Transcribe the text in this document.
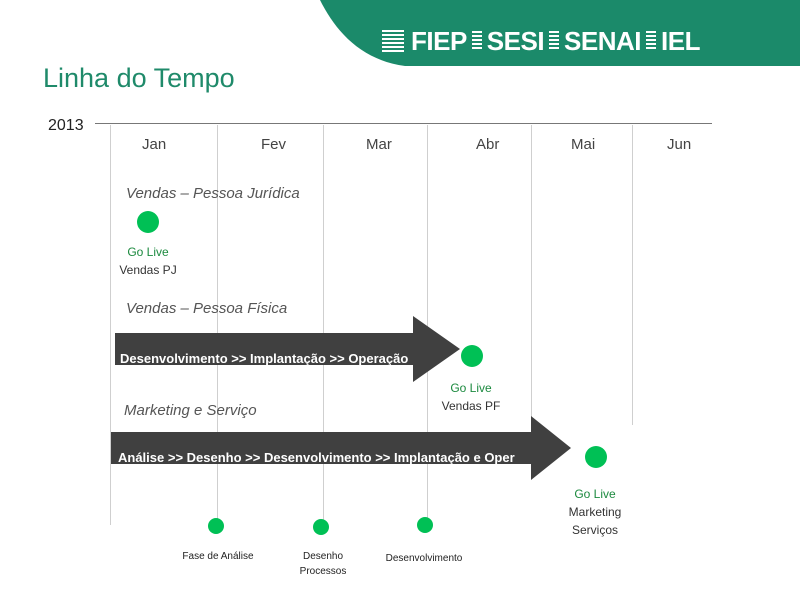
FIEP SESI SENAI IEL
Linha do Tempo
2013
Jan	Fev	Mar	Abr	Mai	Jun
Vendas – Pessoa Jurídica
Go Live
Vendas PJ
Vendas – Pessoa Física
Desenvolvimento >> Implantação >> Operação
Go Live
Vendas PF
Marketing e Serviço
Análise >> Desenho >> Desenvolvimento >> Implantação e Oper
Go Live
Marketing
Serviços
Fase de Análise	Desenho
Processos
Desenvolvimento
